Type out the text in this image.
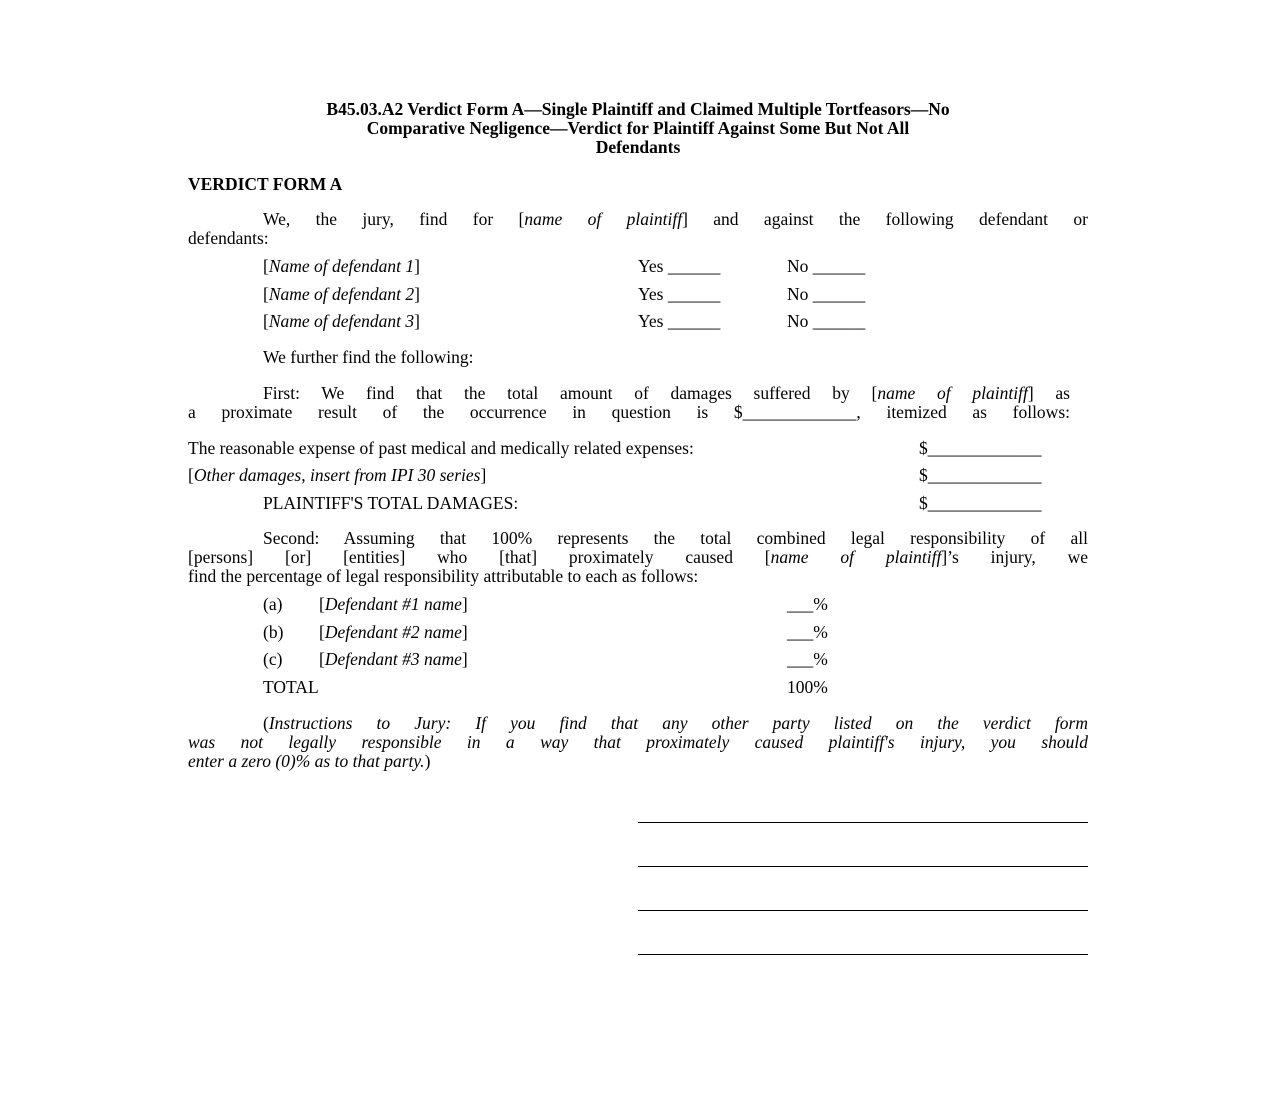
B45.03.A2 Verdict Form A—Single Plaintiff and Claimed Multiple Tortfeasors—No
Comparative Negligence—Verdict for Plaintiff Against Some But Not All
Defendants
VERDICT FORM A
We, the jury, find for [name of plaintiff] and against the following defendant or
defendants:
[Name of defendant 1]	Yes ______	No ______
[Name of defendant 2]	Yes ______	No ______
[Name of defendant 3]	Yes ______	No ______
We further find the following:
First: We find that the total amount of damages suffered by [name of plaintiff] as
a proximate result of the occurrence in question is $_____________, itemized as follows:
The reasonable expense of past medical and medically related expenses:	$_____________
[Other damages, insert from IPI 30 series]	$_____________
PLAINTIFF'S TOTAL DAMAGES:	$_____________
Second: Assuming that 100% represents the total combined legal responsibility of all
[persons] [or] [entities] who [that] proximately caused [name of plaintiff]’s injury, we
find the percentage of legal responsibility attributable to each as follows:
(a) [Defendant #1 name]	___%
(b) [Defendant #2 name]	___%
(c) [Defendant #3 name]	___%
TOTAL	100%
(Instructions to Jury: If you find that any other party listed on the verdict form
was not legally responsible in a way that proximately caused plaintiff's injury, you should
enter a zero (0)% as to that party.)
